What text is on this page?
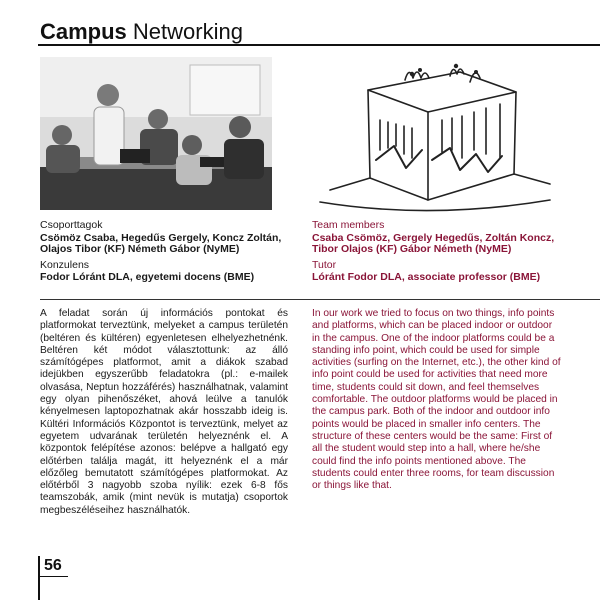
Campus Networking
Csoporttagok
Csömöz Csaba, Hegedűs Gergely, Koncz Zoltán, Olajos Tibor (KF) Németh Gábor (NyME)
Konzulens
Fodor Lóránt DLA, egyetemi docens (BME)
Team members
Csaba Csömöz, Gergely Hegedűs, Zoltán Koncz, Tibor Olajos (KF) Gábor Németh (NyME)
Tutor
Lóránt Fodor DLA, associate professor (BME)
A feladat során új információs pontokat és platformokat terveztünk, melyeket a campus területén (beltéren és kültéren) egyenletesen elhelyezhetnénk. Beltéren két módot választottunk: az álló számítógépes platformot, amit a diákok szabad idejükben egyszerűbb feladatokra (pl.: e-mailek olvasása, Neptun hozzáférés) használhatnak, valamint egy olyan pihenőszéket, ahová leülve a tanulók kényelmesen laptopozhatnak akár hosszabb ideig is. Kültéri Információs Központot is terveztünk, melyet az egyetem udvarának területén helyeznénk el. A központok felépítése azonos: belépve a hallgató egy előtérben találja magát, itt helyeznénk el a már előzőleg bemutatott számítógépes platformokat. Az előtérből 3 nagyobb szoba nyílik: ezek 6-8 fős teamszobák, amik (mint nevük is mutatja) csoportok megbeszéléseihez használhatók.
In our work we tried to focus on two things, info points and platforms, which can be placed indoor or outdoor in the campus. One of the indoor platforms could be a standing info point, which could be used for simple activities (surfing on the Internet, etc.), the other kind of info point could be used for activities that need more time, students could sit down, and feel themselves comfortable. The outdoor platforms would be placed in the campus park. Both of the indoor and outdoor info points would be placed in smaller info centers. The structure of these centers would be the same: First of all the student would step into a hall, where he/she could find the info points mentioned above. The students could enter three rooms, for team discussion or things like that.
56
